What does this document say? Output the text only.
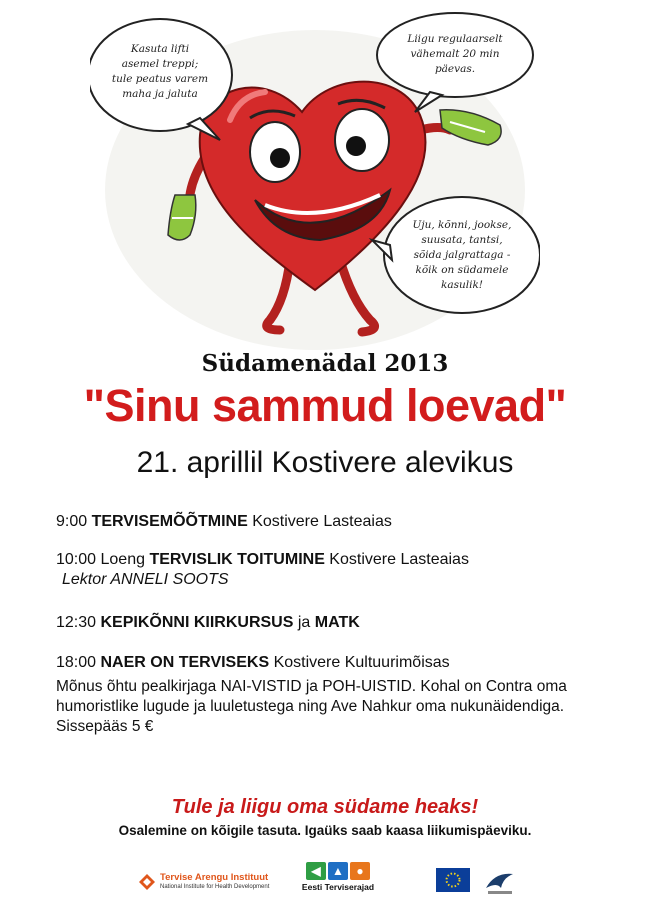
Kasuta lifti
asemel treppi;
tule peatus varem
maha ja jaluta
Liigu regulaarselt
vähemalt 20 min
päevas.
Uju, kõnni, jookse,
suusata, tantsi,
sõida jalgrattaga -
kõik on südamele
kasulik!
Südamenädal 2013
"Sinu sammud loevad"
21. aprillil Kostivere alevikus
9:00 TERVISEMÕÕTMINE Kostivere Lasteaias
10:00 Loeng TERVISLIK TOITUMINE Kostivere Lasteaias
Lektor ANNELI SOOTS
12:30 KEPIKÕNNI KIIRKURSUS ja MATK
18:00 NAER ON TERVISEKS Kostivere Kultuurimõisas
Mõnus õhtu pealkirjaga NAI-VISTID ja POH-UISTID. Kohal on Contra oma humoristlike lugude ja luuletustega ning Ave Nahkur oma nukunäidendiga.
Sissepääs 5 €
Tule ja liigu oma südame heaks!
Osalemine on kõigile tasuta. Igaüks saab kaasa liikumispäeviku.
Tervise Arengu Instituut
National Institute for Health Development
◀ ▲	●
Eesti Terviserajad
